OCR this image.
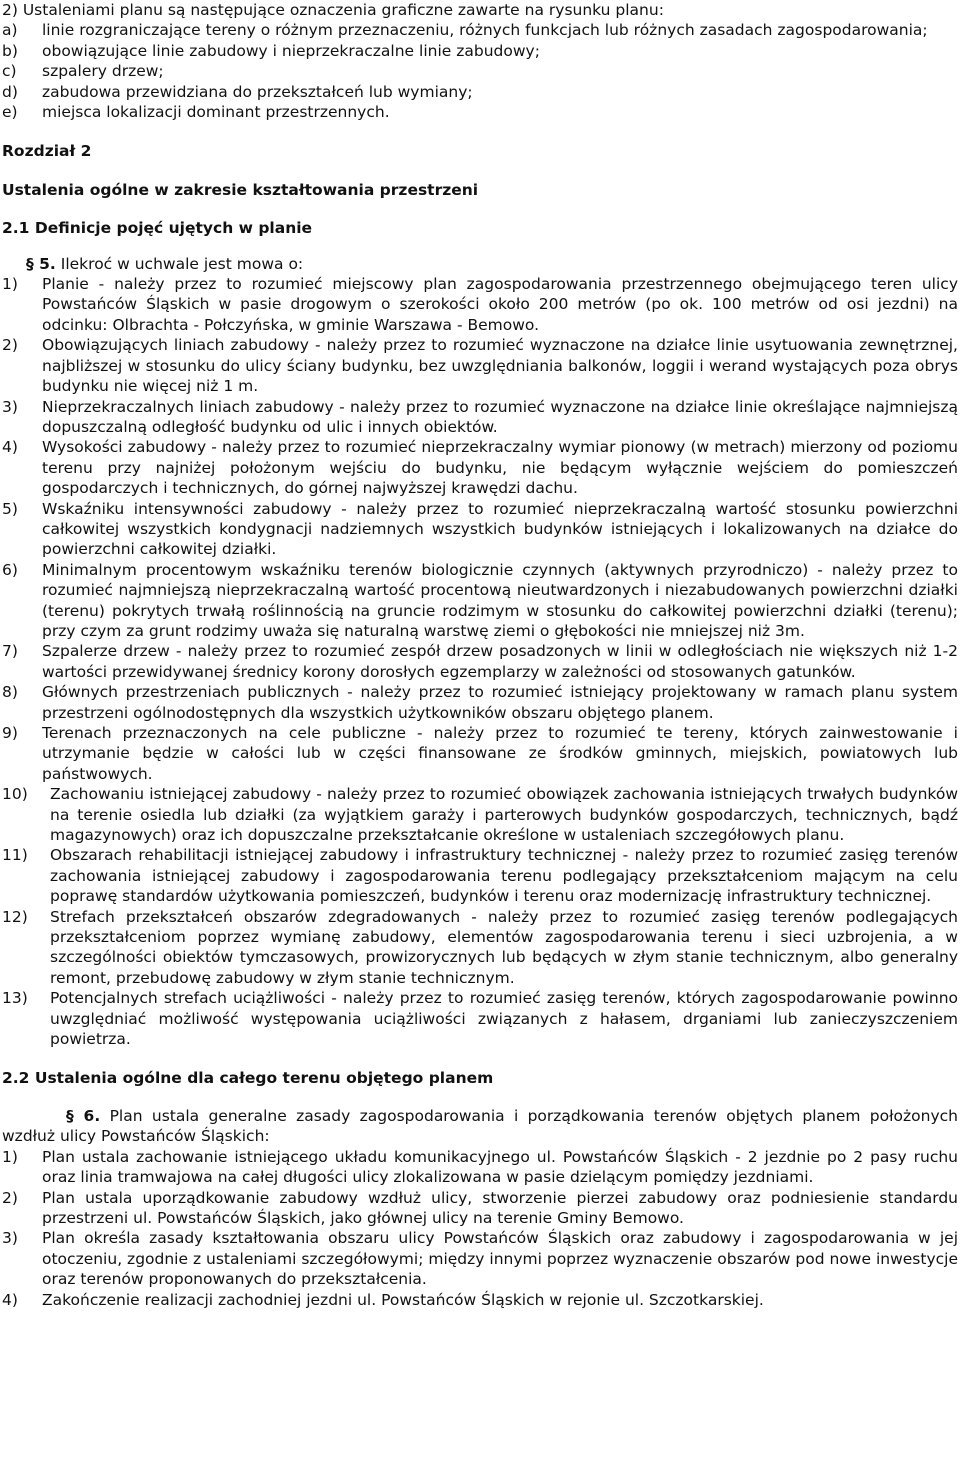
2) Ustaleniami planu są następujące oznaczenia graficzne zawarte na rysunku planu:

a)	linie rozgraniczające tereny o różnym przeznaczeniu, różnych funkcjach lub różnych zasadach zagospodarowania;
b)	obowiązujące linie zabudowy i nieprzekraczalne linie zabudowy;
c)	szpalery drzew;
d)	zabudowa przewidziana do przekształceń lub wymiany;
e)	miejsca lokalizacji dominant przestrzennych.

Rozdział 2

Ustalenia ogólne w zakresie kształtowania przestrzeni

2.1 Definicje pojęć ujętych w planie

§ 5. Ilekroć w uchwale jest mowa o:

1)	Planie - należy przez to rozumieć miejscowy plan zagospodarowania przestrzennego obejmującego teren ulicy Powstańców Śląskich w pasie drogowym o szerokości około 200 metrów (po ok. 100 metrów od osi jezdni) na odcinku: Olbrachta - Połczyńska, w gminie Warszawa - Bemowo.
2)	Obowiązujących liniach zabudowy - należy przez to rozumieć wyznaczone na działce linie usytuowania zewnętrznej, najbliższej w stosunku do ulicy ściany budynku, bez uwzględniania balkonów, loggii i werand wystających poza obrys budynku nie więcej niż 1 m.
3)	Nieprzekraczalnych liniach zabudowy - należy przez to rozumieć wyznaczone na działce linie określające najmniejszą dopuszczalną odległość budynku od ulic i innych obiektów.
4)	Wysokości zabudowy - należy przez to rozumieć nieprzekraczalny wymiar pionowy (w metrach) mierzony od poziomu terenu przy najniżej położonym wejściu do budynku, nie będącym wyłącznie wejściem do pomieszczeń gospodarczych i technicznych, do górnej najwyższej krawędzi dachu.
5)	Wskaźniku intensywności zabudowy - należy przez to rozumieć nieprzekraczalną wartość stosunku powierzchni całkowitej wszystkich kondygnacji nadziemnych wszystkich budynków istniejących i lokalizowanych na działce do powierzchni całkowitej działki.
6)	Minimalnym procentowym wskaźniku terenów biologicznie czynnych (aktywnych przyrodniczo) - należy przez to rozumieć najmniejszą nieprzekraczalną wartość procentową nieutwardzonych i niezabudowanych powierzchni działki (terenu) pokrytych trwałą roślinnością na gruncie rodzimym w stosunku do całkowitej powierzchni działki (terenu); przy czym za grunt rodzimy uważa się naturalną warstwę ziemi o głębokości nie mniejszej niż 3m.
7)	Szpalerze drzew - należy przez to rozumieć zespół drzew posadzonych w linii w odległościach nie większych niż 1-2 wartości przewidywanej średnicy korony dorosłych egzemplarzy w zależności od stosowanych gatunków.
8)	Głównych przestrzeniach publicznych - należy przez to rozumieć istniejący projektowany w ramach planu system przestrzeni ogólnodostępnych dla wszystkich użytkowników obszaru objętego planem.
9)	Terenach przeznaczonych na cele publiczne - należy przez to rozumieć te tereny, których zainwestowanie i utrzymanie będzie w całości lub w części finansowane ze środków gminnych, miejskich, powiatowych lub państwowych.
10)	Zachowaniu istniejącej zabudowy - należy przez to rozumieć obowiązek zachowania istniejących trwałych budynków na terenie osiedla lub działki (za wyjątkiem garaży i parterowych budynków gospodarczych, technicznych, bądź magazynowych) oraz ich dopuszczalne przekształcanie określone w ustaleniach szczegółowych planu.
11)	Obszarach rehabilitacji istniejącej zabudowy i infrastruktury technicznej - należy przez to rozumieć zasięg terenów zachowania istniejącej zabudowy i zagospodarowania terenu podlegający przekształceniom mającym na celu poprawę standardów użytkowania pomieszczeń, budynków i terenu oraz modernizację infrastruktury technicznej.
12)	Strefach przekształceń obszarów zdegradowanych - należy przez to rozumieć zasięg terenów podlegających przekształceniom poprzez wymianę zabudowy, elementów zagospodarowania terenu i sieci uzbrojenia, a w szczególności obiektów tymczasowych, prowizorycznych lub będących w złym stanie technicznym, albo generalny remont, przebudowę zabudowy w złym stanie technicznym.
13)	Potencjalnych strefach uciążliwości - należy przez to rozumieć zasięg terenów, których zagospodarowanie powinno uwzględniać możliwość występowania uciążliwości związanych z hałasem, drganiami lub zanieczyszczeniem powietrza.

2.2 Ustalenia ogólne dla całego terenu objętego planem

§ 6. Plan ustala generalne zasady zagospodarowania i porządkowania terenów objętych planem położonych wzdłuż ulicy Powstańców Śląskich:

1)	Plan ustala zachowanie istniejącego układu komunikacyjnego ul. Powstańców Śląskich - 2 jezdnie po 2 pasy ruchu oraz linia tramwajowa na całej długości ulicy zlokalizowana w pasie dzielącym pomiędzy jezdniami.
2)	Plan ustala uporządkowanie zabudowy wzdłuż ulicy, stworzenie pierzei zabudowy oraz podniesienie standardu przestrzeni ul. Powstańców Śląskich, jako głównej ulicy na terenie Gminy Bemowo.
3)	Plan określa zasady kształtowania obszaru ulicy Powstańców Śląskich oraz zabudowy i zagospodarowania w jej otoczeniu, zgodnie z ustaleniami szczegółowymi; między innymi poprzez wyznaczenie obszarów pod nowe inwestycje oraz terenów proponowanych do przekształcenia.
4)	Zakończenie realizacji zachodniej jezdni ul. Powstańców Śląskich w rejonie ul. Szczotkarskiej.
